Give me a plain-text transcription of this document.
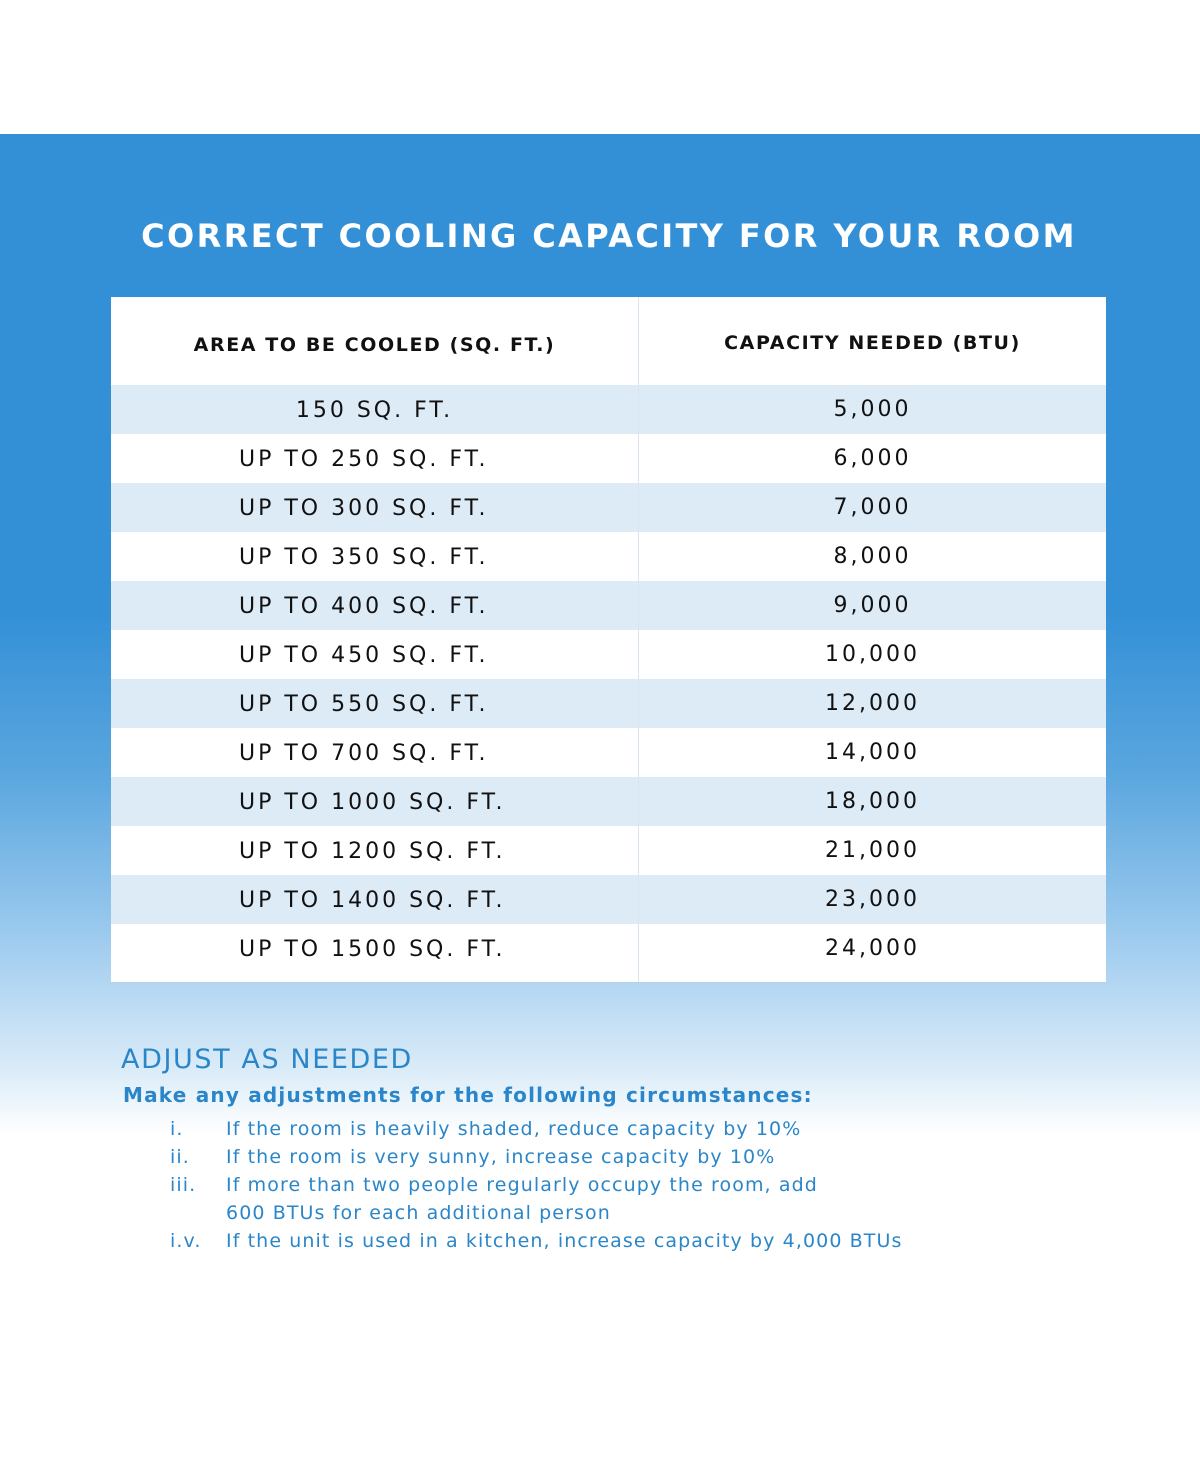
CORRECT COOLING CAPACITY FOR YOUR ROOM
AREA TO BE COOLED (SQ. FT.)	CAPACITY NEEDED (BTU)
150 SQ. FT.	5,000
UP TO 250 SQ. FT.	6,000
UP TO 300 SQ. FT.	7,000
UP TO 350 SQ. FT.	8,000
UP TO 400 SQ. FT.	9,000
UP TO 450 SQ. FT.	10,000
UP TO 550 SQ. FT.	12,000
UP TO 700 SQ. FT.	14,000
UP TO 1000 SQ. FT.	18,000
UP TO 1200 SQ. FT.	21,000
UP TO 1400 SQ. FT.	23,000
UP TO 1500 SQ. FT.	24,000
ADJUST AS NEEDED
Make any adjustments for the following circumstances:
i. If the room is heavily shaded, reduce capacity by 10%
ii. If the room is very sunny, increase capacity by 10%
iii. If more than two people regularly occupy the room, add
600 BTUs for each additional person
i.v. If the unit is used in a kitchen, increase capacity by 4,000 BTUs
